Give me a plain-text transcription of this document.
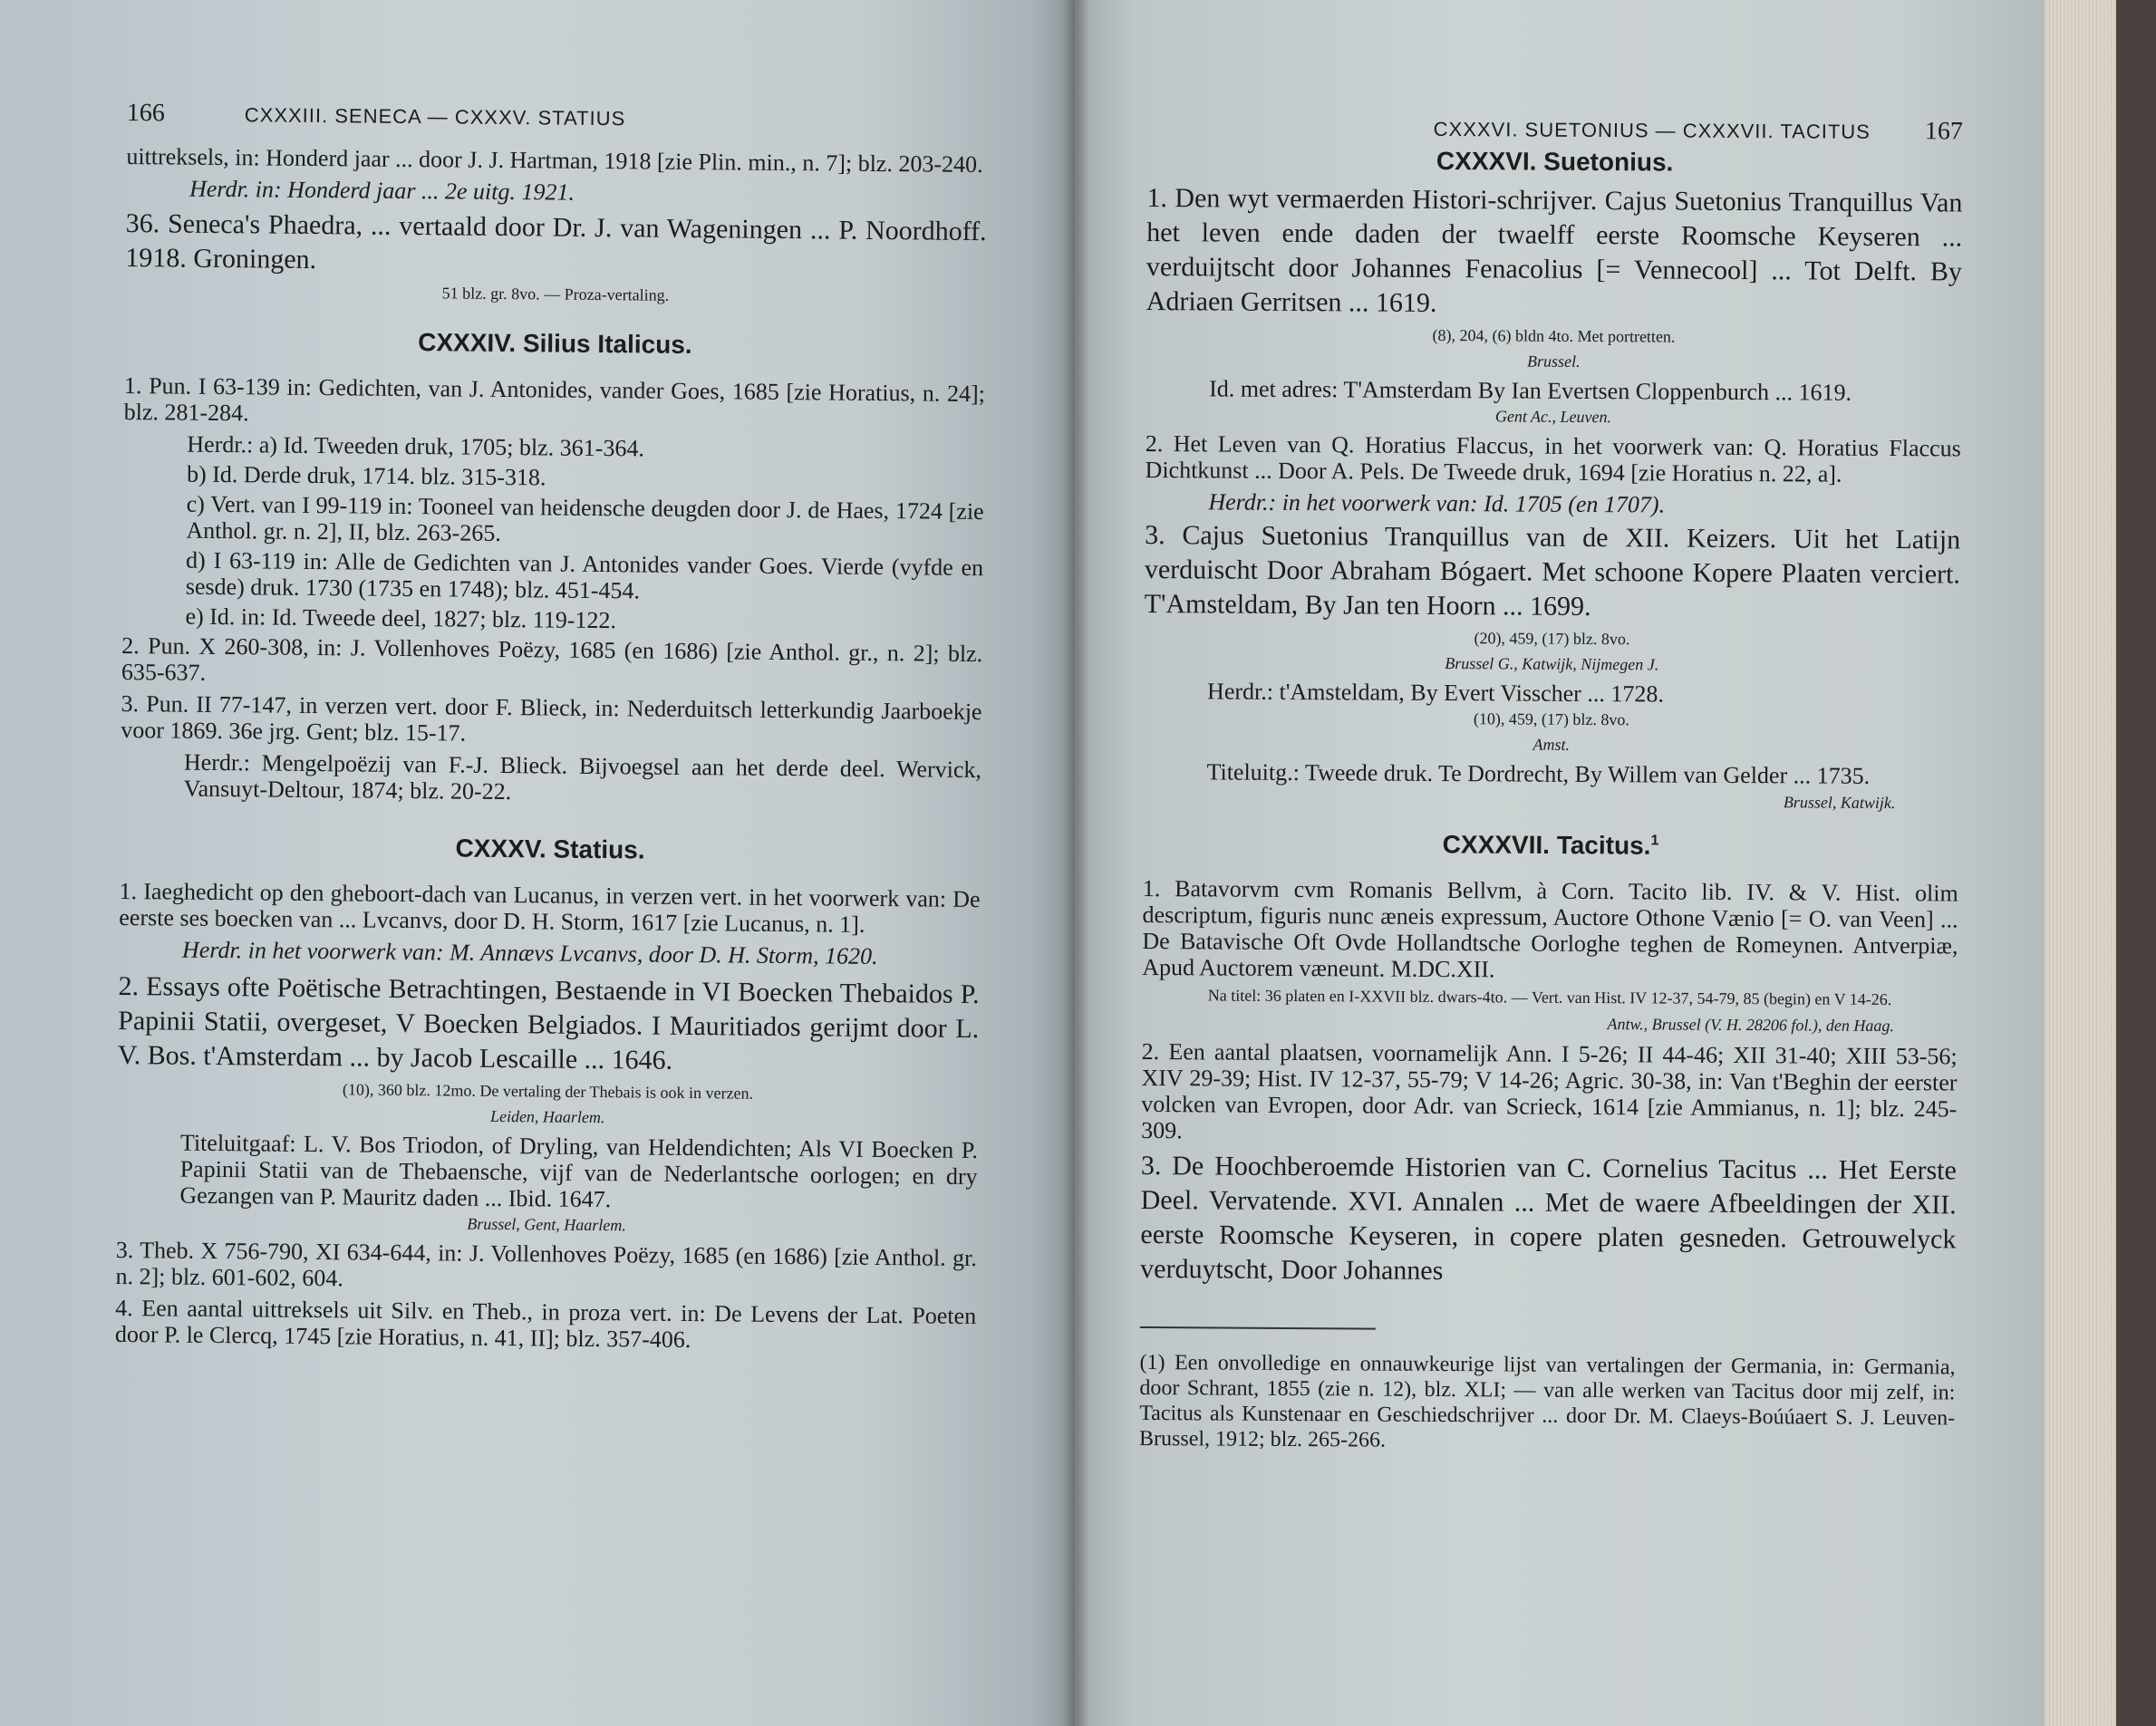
166	CXXXIII. SENECA — CXXXV. STATIUS

uittreksels, in: Honderd jaar ... door J. J. Hartman, 1918 [zie Plin. min., n. 7]; blz. 203-240.

Herdr. in: Honderd jaar ... 2e uitg. 1921.

36. Seneca's Phaedra, ... vertaald door Dr. J. van Wageningen ... P. Noordhoff. 1918. Groningen.

51 blz. gr. 8vo. — Proza-vertaling.

CXXXIV. Silius Italicus.

1. Pun. I 63-139 in: Gedichten, van J. Antonides, vander Goes, 1685 [zie Horatius, n. 24]; blz. 281-284.

Herdr.: a) Id. Tweeden druk, 1705; blz. 361-364.

b) Id. Derde druk, 1714. blz. 315-318.

c) Vert. van I 99-119 in: Tooneel van heidensche deugden door J. de Haes, 1724 [zie Anthol. gr. n. 2], II, blz. 263-265.

d) I 63-119 in: Alle de Gedichten van J. Antonides vander Goes. Vierde (vyfde en sesde) druk. 1730 (1735 en 1748); blz. 451-454.

e) Id. in: Id. Tweede deel, 1827; blz. 119-122.

2. Pun. X 260-308, in: J. Vollenhoves Poëzy, 1685 (en 1686) [zie Anthol. gr., n. 2]; blz. 635-637.

3. Pun. II 77-147, in verzen vert. door F. Blieck, in: Nederduitsch letterkundig Jaarboekje voor 1869. 36e jrg. Gent; blz. 15-17.

Herdr.: Mengelpoëzij van F.-J. Blieck. Bijvoegsel aan het derde deel. Wervick, Vansuyt-Deltour, 1874; blz. 20-22.

CXXXV. Statius.

1. Iaeghedicht op den gheboort-dach van Lucanus, in verzen vert. in het voorwerk van: De eerste ses boecken van ... Lvcanvs, door D. H. Storm, 1617 [zie Lucanus, n. 1].

Herdr. in het voorwerk van: M. Annævs Lvcanvs, door D. H. Storm, 1620.

2. Essays ofte Poëtische Betrachtingen, Bestaende in VI Boecken Thebaidos P. Papinii Statii, overgeset, V Boecken Belgiados. I Mauritiados gerijmt door L. V. Bos. t'Amsterdam ... by Jacob Lescaille ... 1646.

(10), 360 blz. 12mo. De vertaling der Thebais is ook in verzen.

Leiden, Haarlem.

Titeluitgaaf: L. V. Bos Triodon, of Dryling, van Heldendichten; Als VI Boecken P. Papinii Statii van de Thebaensche, vijf van de Nederlantsche oorlogen; en dry Gezangen van P. Mauritz daden ... Ibid. 1647.

Brussel, Gent, Haarlem.

3. Theb. X 756-790, XI 634-644, in: J. Vollenhoves Poëzy, 1685 (en 1686) [zie Anthol. gr. n. 2]; blz. 601-602, 604.

4. Een aantal uittreksels uit Silv. en Theb., in proza vert. in: De Levens der Lat. Poeten door P. le Clercq, 1745 [zie Horatius, n. 41, II]; blz. 357-406.

CXXXVI. SUETONIUS — CXXXVII. TACITUS 167
CXXXVI. Suetonius.

1. Den wyt vermaerden Histori-schrijver. Cajus Suetonius Tranquillus Van het leven ende daden der twaelff eerste Roomsche Keyseren ... verduijtscht door Johannes Fenacolius [= Vennecool] ... Tot Delft. By Adriaen Gerritsen ... 1619.

(8), 204, (6) bldn 4to. Met portretten.

Brussel.

Id. met adres: T'Amsterdam By Ian Evertsen Cloppenburch ... 1619.

Gent Ac., Leuven.

2. Het Leven van Q. Horatius Flaccus, in het voorwerk van: Q. Horatius Flaccus Dichtkunst ... Door A. Pels. De Tweede druk, 1694 [zie Horatius n. 22, a].

Herdr.: in het voorwerk van: Id. 1705 (en 1707).

3. Cajus Suetonius Tranquillus van de XII. Keizers. Uit het Latijn verduischt Door Abraham Bógaert. Met schoone Kopere Plaaten verciert. T'Amsteldam, By Jan ten Hoorn ... 1699.

(20), 459, (17) blz. 8vo.

Brussel G., Katwijk, Nijmegen J.

Herdr.: t'Amsteldam, By Evert Visscher ... 1728.

(10), 459, (17) blz. 8vo.

Amst.

Titeluitg.: Tweede druk. Te Dordrecht, By Willem van Gelder ... 1735.

Brussel, Katwijk.

CXXXVII. Tacitus.$^1$

1. Batavorvm cvm Romanis Bellvm, à Corn. Tacito lib. IV. & V. Hist. olim descriptum, figuris nunc æneis expressum, Auctore Othone Vænio [= O. van Veen] ... De Batavische Oft Ovde Hollandtsche Oorloghe teghen de Romeynen. Antverpiæ, Apud Auctorem væneunt. M.DC.XII.

Na titel: 36 platen en I-XXVII blz. dwars-4to. — Vert. van Hist. IV 12-37, 54-79, 85 (begin) en V 14-26.

Antw., Brussel (V. H. 28206 fol.), den Haag.

2. Een aantal plaatsen, voornamelijk Ann. I 5-26; II 44-46; XII 31-40; XIII 53-56; XIV 29-39; Hist. IV 12-37, 55-79; V 14-26; Agric. 30-38, in: Van t'Beghin der eerster volcken van Evropen, door Adr. van Scrieck, 1614 [zie Ammianus, n. 1]; blz. 245-309.

3. De Hoochberoemde Historien van C. Cornelius Tacitus ... Het Eerste Deel. Vervatende. XVI. Annalen ... Met de waere Afbeeldingen der XII. eerste Roomsche Keyseren, in copere platen gesneden. Getrouwelyck verduytscht, Door Johannes

(1) Een onvolledige en onnauwkeurige lijst van vertalingen der Germania, in: Germania, door Schrant, 1855 (zie n. 12), blz. XLI; — van alle werken van Tacitus door mij zelf, in: Tacitus als Kunstenaar en Geschiedschrijver ... door Dr. M. Claeys-Boúúaert S. J. Leuven-Brussel, 1912; blz. 265-266.
